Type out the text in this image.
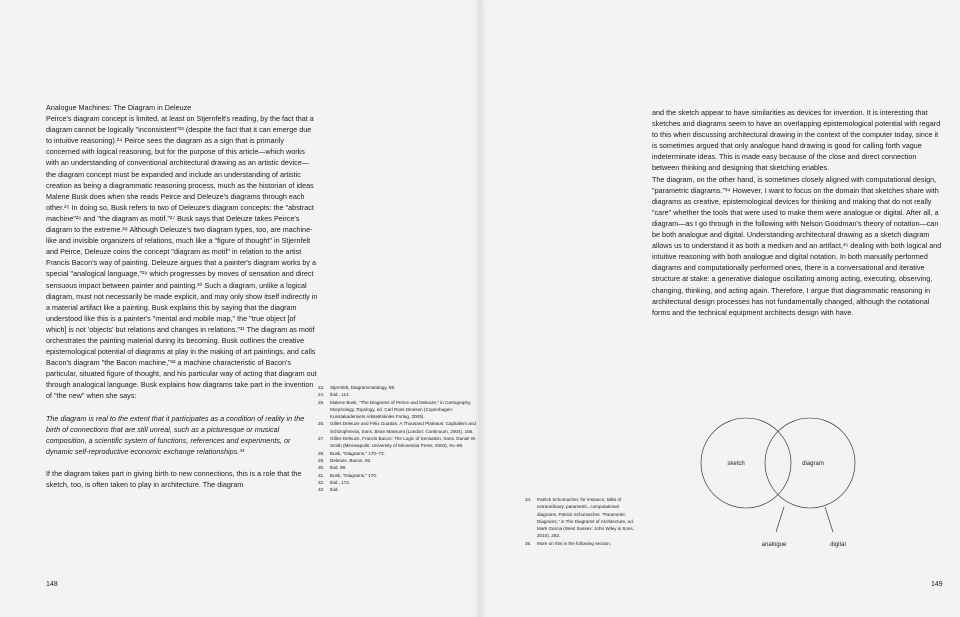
Analogue Machines: The Diagram in Deleuze

Peirce's diagram concept is limited, at least on Stjernfelt's reading, by the fact that a diagram cannot be logically "inconsistent"²³ (despite the fact that it can emerge due to intuitive reasoning).²⁴ Peirce sees the diagram as a sign that is primarily concerned with logical reasoning, but for the purpose of this article—which works with an understanding of conventional architectural drawing as an artistic device—the diagram concept must be expanded and include an understanding of artistic creation as being a diagrammatic reasoning process, much as the historian of ideas Malene Busk does when she reads Peirce and Deleuze's diagrams through each other.²⁵ In doing so, Busk refers to two of Deleuze's diagram concepts: the "abstract machine"²⁶ and "the diagram as motif."²⁷ Busk says that Deleuze takes Peirce's diagram to the extreme.²⁸ Although Deleuze's two diagram types, too, are machine-like and invisible organizers of relations, much like a "figure of thought" in Stjernfelt and Peirce, Deleuze coins the concept "diagram as motif" in relation to the artist Francis Bacon's way of painting. Deleuze argues that a painter's diagram works by a special "analogical language,"²⁹ which progresses by moves of sensation and direct sensuous impact between painter and painting.³⁰ Such a diagram, unlike a logical diagram, must not necessarily be made explicit, and may only show itself indirectly in a material artifact like a painting. Busk explains this by saying that the diagram understood like this is a painter's "mental and mobile map," the "true object [of which] is not 'objects' but relations and changes in relations."³¹ The diagram as motif orchestrates the painting material during its becoming. Busk outlines the creative epistemological potential of diagrams at play in the making of art paintings, and calls Bacon's diagram "the Bacon machine,"³² a machine characteristic of Bacon's particular, situated figure of thought, and his particular way of acting that diagram out through analogical language. Busk explains how diagrams take part in the invention of "the new" when she says:

The diagram is real to the extent that it participates as a condition of reality in the birth of connections that are still unreal, such as a picturesque or musical composition, a scientific system of functions, references and experiments, or dynamic self-reproductive economic exchange relationships.³³

If the diagram takes part in giving birth to new connections, this is a role that the sketch, too, is often taken to play in architecture. The diagram

23.	Stjernfelt, Diagrammatology, 98.
24.	Ibid., 114.
25.	Malene Busk, "The Diagrams of Peirce and Deleuze," in Cartography, Morphology, Topology, ed. Carl Ross Dinesen (Copenhagen: Kunstakademiets Arkitektskoles Forlag, 2009).
26.	Gilles Deleuze and Félix Guattari, A Thousand Plateaus: Capitalism and Schizophrenia, trans. Brian Massumi (London: Continuum, 2004), 156.
27.	Gilles Deleuze, Francis Bacon: The Logic of Sensation, trans. Daniel W. Smith (Minneapolis: University of Minnesota Press, 2004), 91–98.
28.	Busk, "Diagrams," 170–73.
29.	Deleuze, Bacon, 93.
30.	Ibid. 98.
31.	Busk, "Diagrams," 170.
32.	Ibid., 172.
33.	Ibid.
148

and the sketch appear to have similarities as devices for invention. It is interesting that sketches and diagrams seem to have an overlapping epistemological potential with regard to this when discussing architectural drawing in the context of the computer today, since it is sometimes argued that only analogue hand drawing is good for calling forth vague indeterminate ideas. This is made easy because of the close and direct connection between thinking and designing that sketching enables.

The diagram, on the other hand, is sometimes closely aligned with computational design, "parametric diagrams."³⁴ However, I want to focus on the domain that sketches share with diagrams as creative, epistemological devices for thinking and making that do not really "care" whether the tools that were used to make them were analogue or digital. After all, a diagram—as I go through in the following with Nelson Goodman's theory of notation—can be both analogue and digital. Understanding architectural drawing as a sketch diagram allows us to understand it as both a medium and an artifact,³⁵ dealing with both logical and intuitive reasoning with both analogue and digital notation. In both manually performed diagrams and computationally performed ones, there is a conversational and iterative structure at stake: a generative dialogue oscillating among acting, executing, observing, changing, thinking, and acting again. Therefore, I argue that diagrammatic reasoning in architectural design processes has not fundamentally changed, although the notational forms and the technical equipment architects design with have.

34.	Patrick Schumacher, for instance, talks of extraordinary, parametric, computational diagrams. Patrick Schumacher, "Parametric Diagrams," in The Diagrams of Architecture, ed. Mark Garcia (West Sussex: John Wiley & Sons, 2010), 263.
35.	More on this in the following section.
sketch	diagram
analogue	digital
149
